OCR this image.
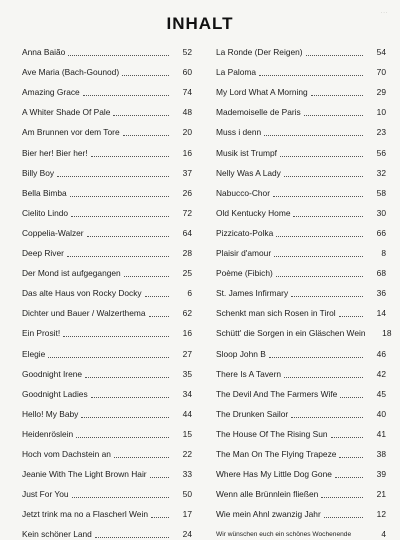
INHALT
...
Anna Baião	52
Ave Maria (Bach-Gounod)	60
Amazing Grace	74
A Whiter Shade Of Pale	48
Am Brunnen vor dem Tore	20
Bier her! Bier her!	16
Billy Boy	37
Bella Bimba	26
Cielito Lindo	72
Coppelia-Walzer	64
Deep River	28
Der Mond ist aufgegangen	25
Das alte Haus von Rocky Docky	6
Dichter und Bauer / Walzerthema	62
Ein Prosit!	16
Elegie	27
Goodnight Irene	35
Goodnight Ladies	34
Hello! My Baby	44
Heidenröslein	15
Hoch vom Dachstein an	22
Jeanie With The Light Brown Hair	33
Just For You	50
Jetzt trink ma no a Flascherl Wein	17
Kein schöner Land	24
La Ronde (Der Reigen)	54
La Paloma	70
My Lord What A Morning	29
Mademoiselle de Paris	10
Muss i denn	23
Musik ist Trumpf	56
Nelly Was A Lady	32
Nabucco-Chor	58
Old Kentucky Home	30
Pizzicato-Polka	66
Plaisir d'amour	8
Poème (Fibich)	68
St. James Infirmary	36
Schenkt man sich Rosen in Tirol	14
Schütt' die Sorgen in ein Gläschen Wein	18
Sloop John B	46
There Is A Tavern	42
The Devil And The Farmers Wife	45
The Drunken Sailor	40
The House Of The Rising Sun	41
The Man On The Flying Trapeze	38
Where Has My Little Dog Gone	39
Wenn alle Brünnlein fließen	21
Wie mein Ahnl zwanzig Jahr	12
Wir wünschen euch ein schönes Wochenende	4
